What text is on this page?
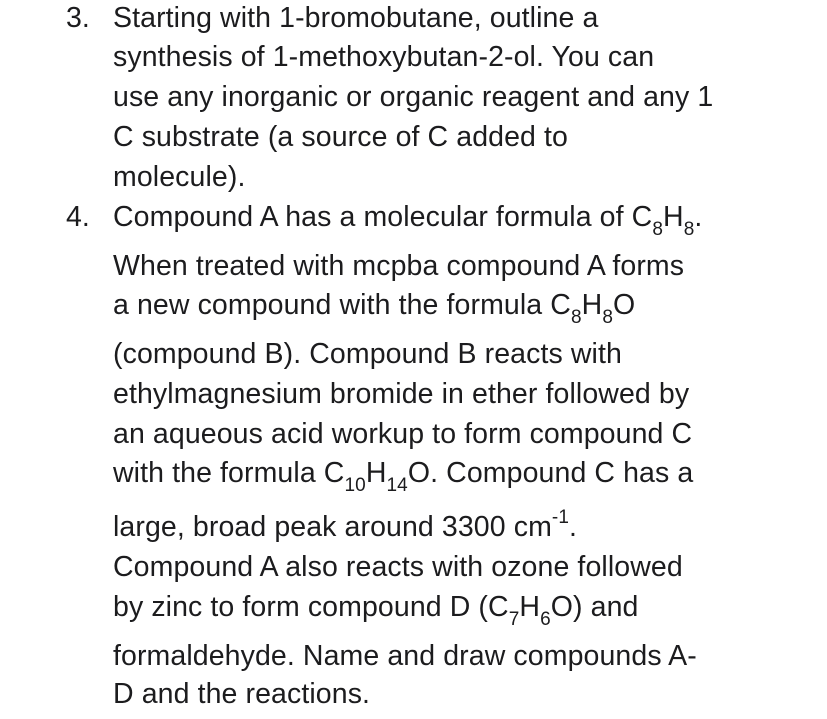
3. Starting with 1-bromobutane, outline a
synthesis of 1-methoxybutan-2-ol. You can
use any inorganic or organic reagent and any 1
C substrate (a source of C added to
molecule).
4. Compound A has a molecular formula of $C_8H_8$.
When treated with mcpba compound A forms
a new compound with the formula $C_8H_8O$
(compound B). Compound B reacts with
ethylmagnesium bromide in ether followed by
an aqueous acid workup to form compound C
with the formula $C_{10}H_{14}O$. Compound C has a
large, broad peak around 3300 $cm^{-1}$.
Compound A also reacts with ozone followed
by zinc to form compound D $(C_7H_6O)$ and
formaldehyde. Name and draw compounds A-
D and the reactions.
